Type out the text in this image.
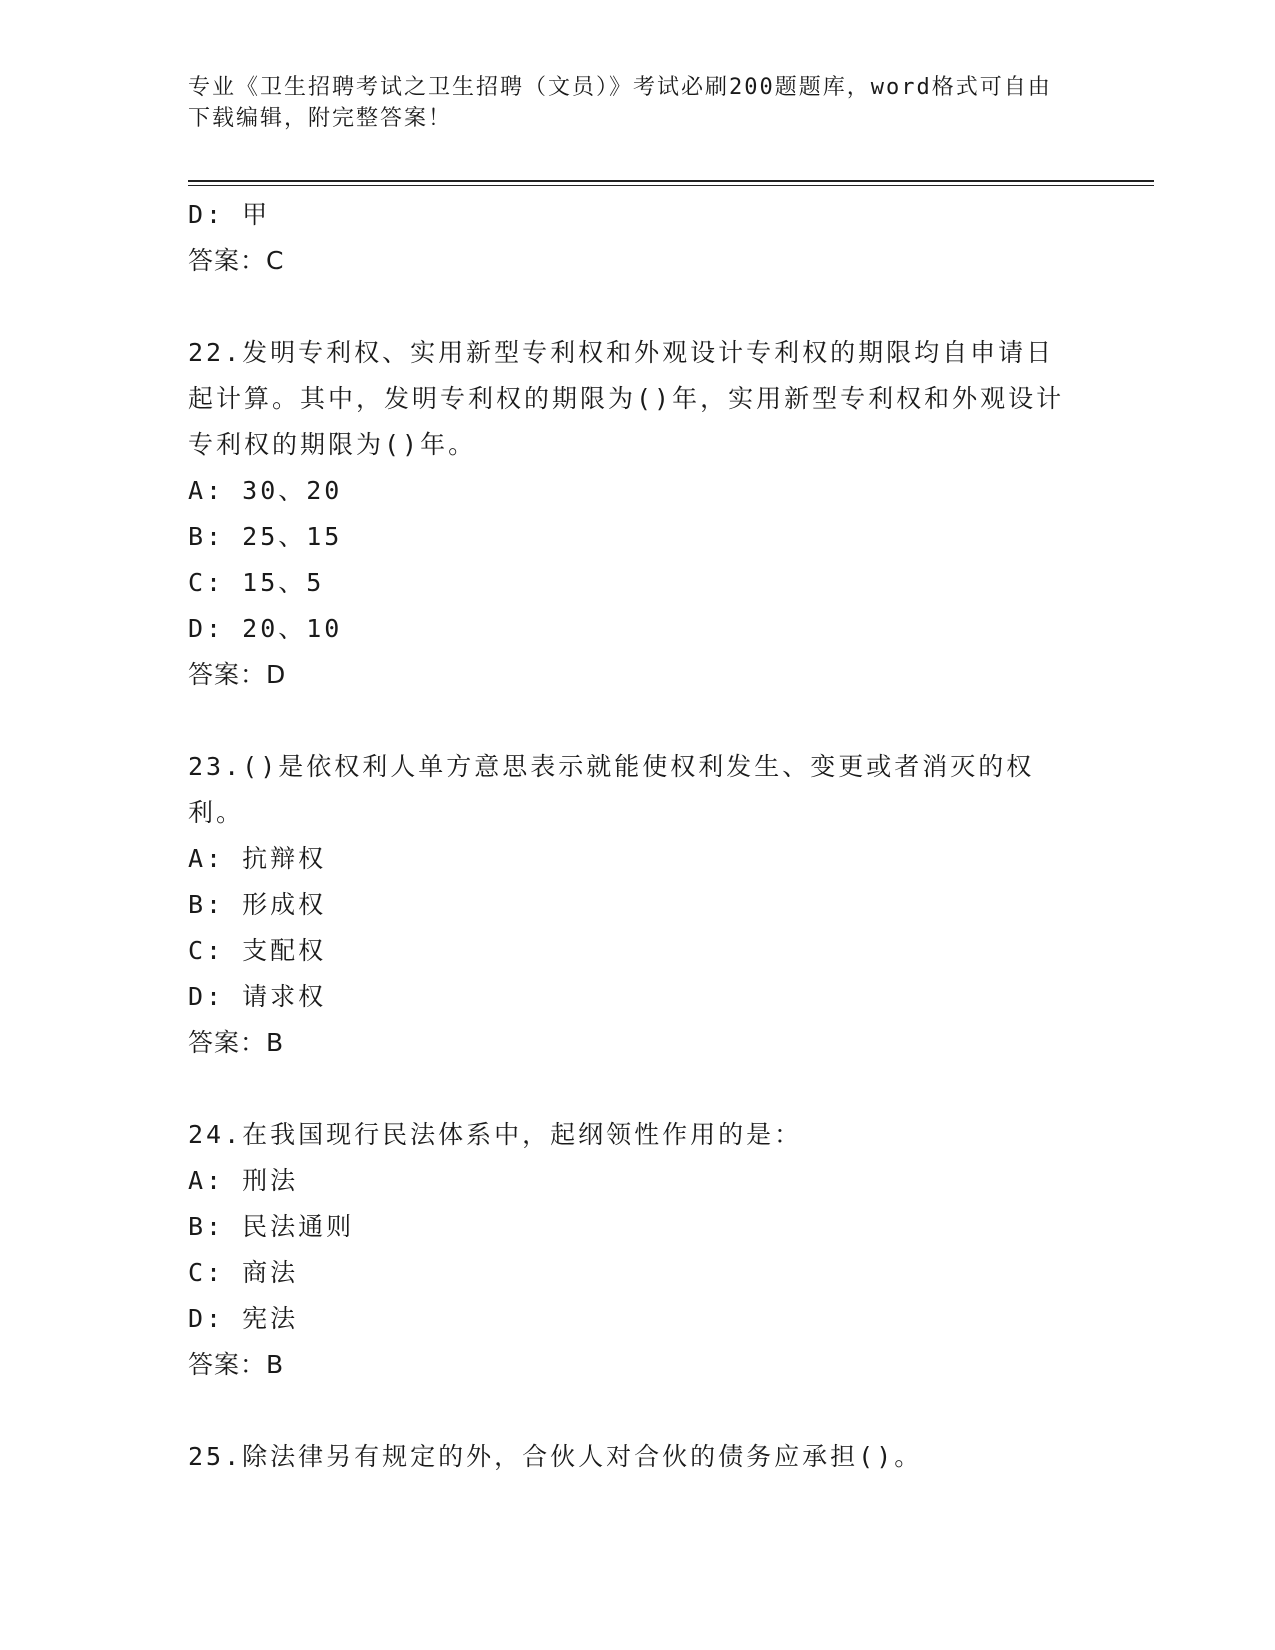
专业《卫生招聘考试之卫生招聘（文员）》考试必刷200题题库，word格式可自由下载编辑，附完整答案！
D: 甲
答案：C
22.发明专利权、实用新型专利权和外观设计专利权的期限均自申请日起计算。其中，发明专利权的期限为()年，实用新型专利权和外观设计专利权的期限为()年。
A: 30、20
B: 25、15
C: 15、5
D: 20、10
答案：D
23.()是依权利人单方意思表示就能使权利发生、变更或者消灭的权利。
A: 抗辩权
B: 形成权
C: 支配权
D: 请求权
答案：B
24.在我国现行民法体系中，起纲领性作用的是：
A: 刑法
B: 民法通则
C: 商法
D: 宪法
答案：B
25.除法律另有规定的外，合伙人对合伙的债务应承担()。
